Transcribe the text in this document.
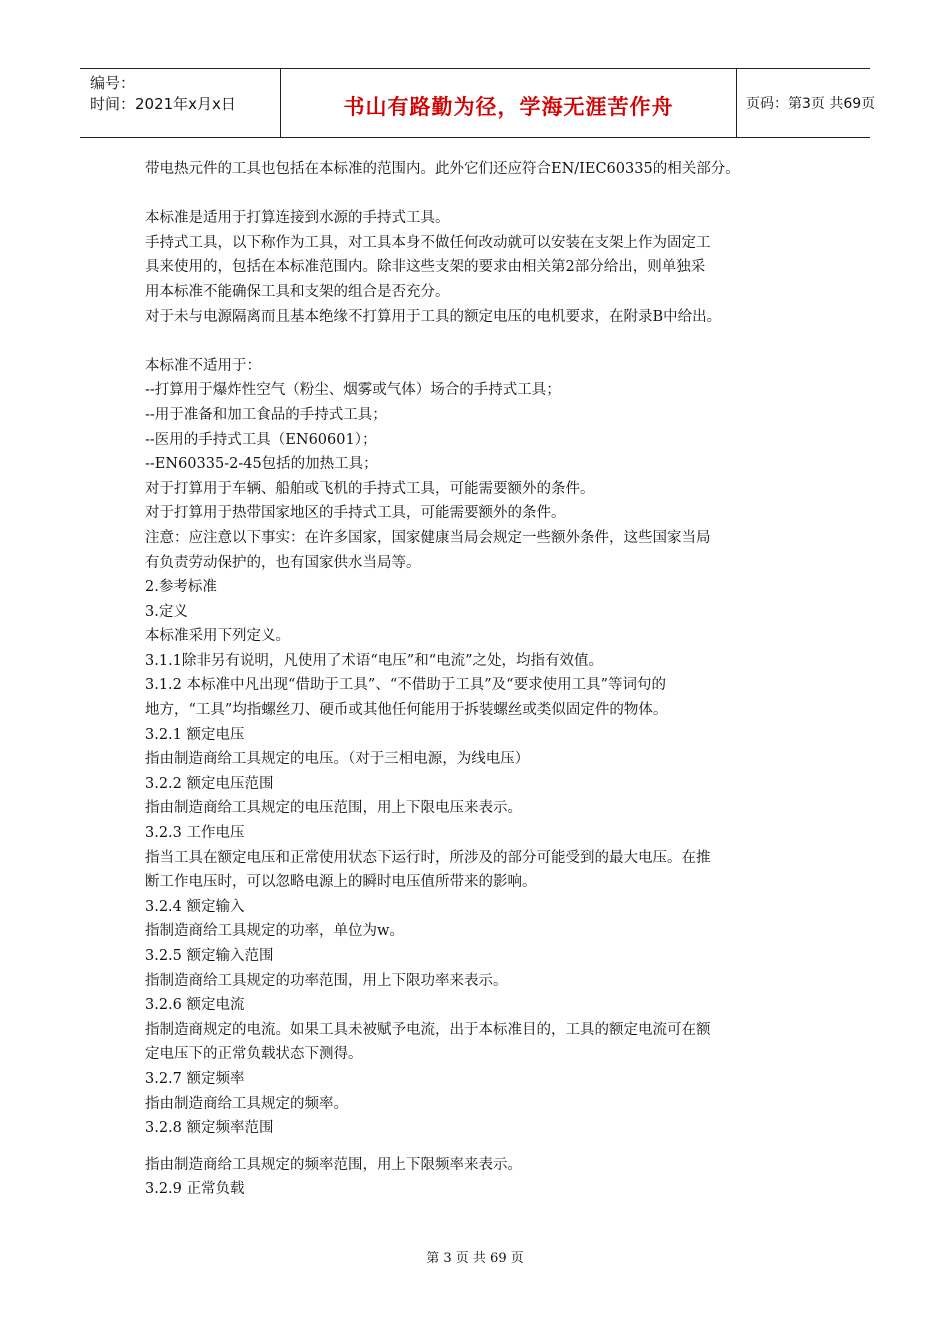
编号：
时间：2021年x月x日	书山有路勤为径，学海无涯苦作舟	页码：第3页 共69页

带电热元件的工具也包括在本标准的范围内。此外它们还应符合EN/IEC60335的相关部分。

本标准是适用于打算连接到水源的手持式工具。

手持式工具，以下称作为工具，对工具本身不做任何改动就可以安装在支架上作为固定工

具来使用的，包括在本标准范围内。除非这些支架的要求由相关第2部分给出，则单独采

用本标准不能确保工具和支架的组合是否充分。

对于未与电源隔离而且基本绝缘不打算用于工具的额定电压的电机要求，在附录B中给出。

本标准不适用于：

--打算用于爆炸性空气（粉尘、烟雾或气体）场合的手持式工具；

--用于准备和加工食品的手持式工具；

--医用的手持式工具（EN60601）；

--EN60335-2-45包括的加热工具；

对于打算用于车辆、船舶或飞机的手持式工具，可能需要额外的条件。

对于打算用于热带国家地区的手持式工具，可能需要额外的条件。

注意：应注意以下事实：在许多国家，国家健康当局会规定一些额外条件，这些国家当局

有负责劳动保护的，也有国家供水当局等。

2.参考标准

3.定义

本标准采用下列定义。

3.1.1除非另有说明，凡使用了术语“电压”和“电流”之处，均指有效值。

3.1.2 本标准中凡出现“借助于工具”、“不借助于工具”及“要求使用工具”等词句的

地方，“工具”均指螺丝刀、硬币或其他任何能用于拆装螺丝或类似固定件的物体。

3.2.1 额定电压

指由制造商给工具规定的电压。（对于三相电源，为线电压）

3.2.2 额定电压范围

指由制造商给工具规定的电压范围，用上下限电压来表示。

3.2.3 工作电压

指当工具在额定电压和正常使用状态下运行时，所涉及的部分可能受到的最大电压。在推

断工作电压时，可以忽略电源上的瞬时电压值所带来的影响。

3.2.4 额定输入

指制造商给工具规定的功率，单位为w。

3.2.5 额定输入范围

指制造商给工具规定的功率范围，用上下限功率来表示。

3.2.6 额定电流

指制造商规定的电流。如果工具未被赋予电流，出于本标准目的，工具的额定电流可在额

定电压下的正常负载状态下测得。

3.2.7 额定频率

指由制造商给工具规定的频率。

3.2.8 额定频率范围

指由制造商给工具规定的频率范围，用上下限频率来表示。

3.2.9 正常负载

第 3 页 共 69 页
